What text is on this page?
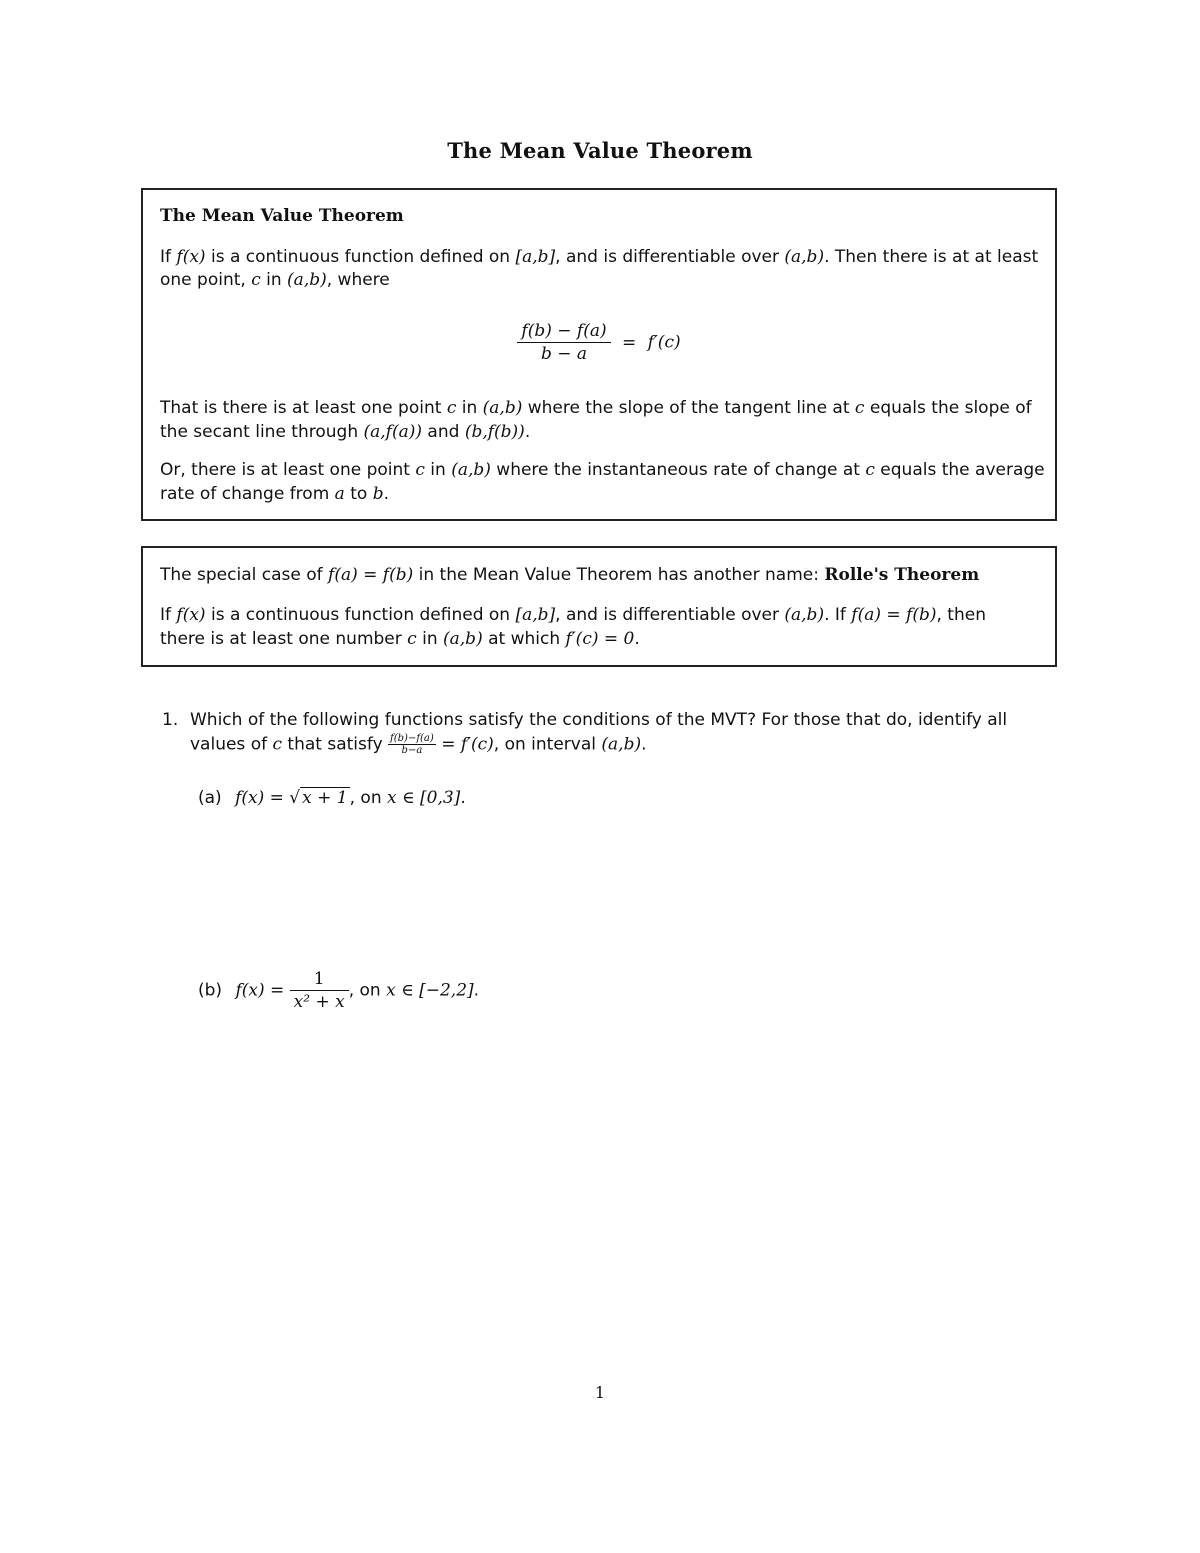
The Mean Value Theorem
The Mean Value Theorem
If f(x) is a continuous function defined on [a,b], and is differentiable over (a,b). Then there is at at least
one point, c in (a,b), where
$\frac{f(b) - f(a)}{b - a} = f'(c)$
That is there is at least one point c in (a,b) where the slope of the tangent line at c equals the slope of
the secant line through (a,f(a)) and (b,f(b)).
Or, there is at least one point c in (a,b) where the instantaneous rate of change at c equals the average
rate of change from a to b.
The special case of f(a) = f(b) in the Mean Value Theorem has another name: Rolle's Theorem
If f(x) is a continuous function defined on [a,b], and is differentiable over (a,b). If f(a) = f(b), then
there is at least one number c in (a,b) at which f′(c) = 0.
1. Which of the following functions satisfy the conditions of the MVT? For those that do, identify all
values of c that satisfy $\frac{f(b)-f(a)}{b-a} = f'(c)$, on interval (a,b).
(a) f(x) = √ x + 1 , on x ∈ [0,3].
(b) $f(x) = \frac{1}{\text{x² + x}}$ , on x ∈ [−2,2].
1
